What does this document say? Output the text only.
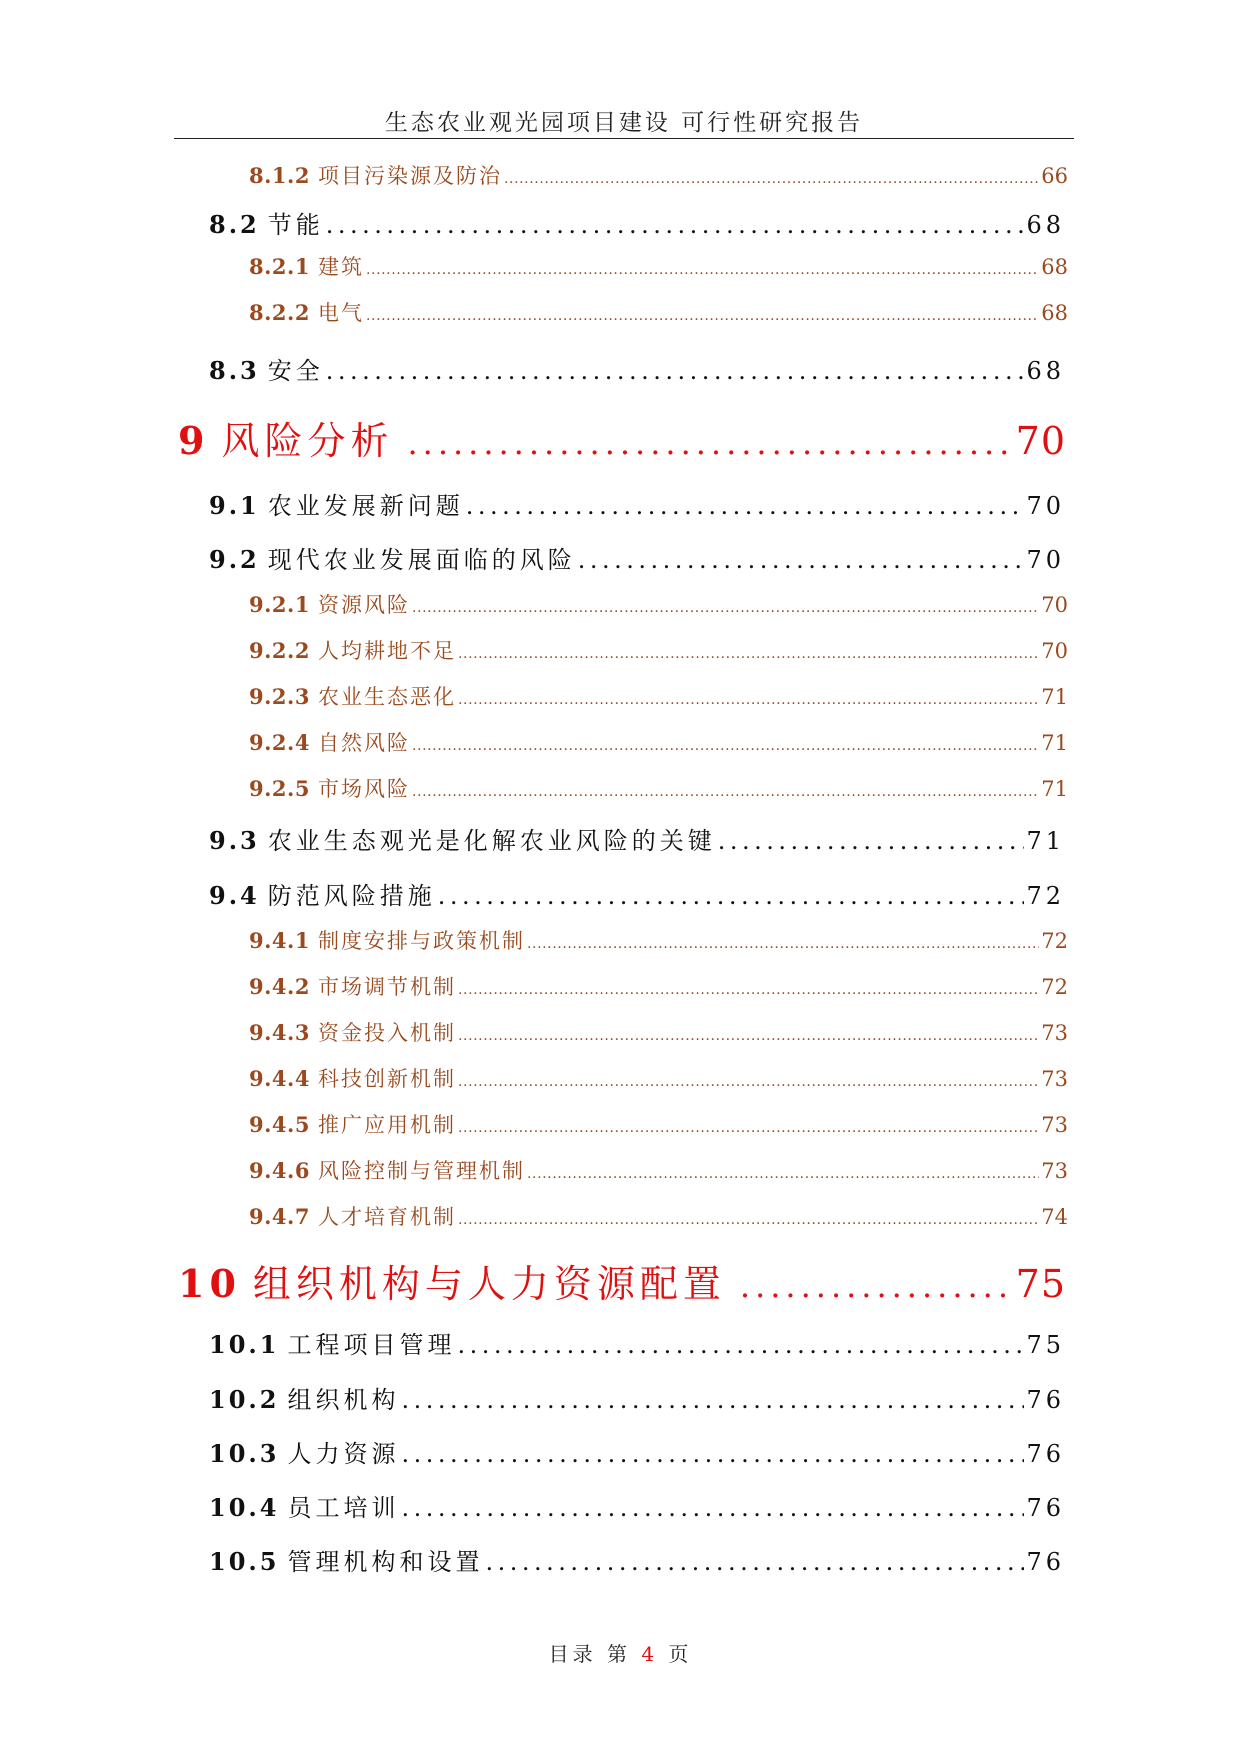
生态农业观光园项目建设 可行性研究报告
8.1.2 项目污染源及防治 .....	66
8.2 节能 .....	68
8.2.1 建筑 .....	68
8.2.2 电气 .....	68
8.3 安全 .....	68
9 风险分析 .....	70
9.1 农业发展新问题 .....	70
9.2 现代农业发展面临的风险 .....	70
9.2.1 资源风险 .....	70
9.2.2 人均耕地不足 .....	70
9.2.3 农业生态恶化 .....	71
9.2.4 自然风险 .....	71
9.2.5 市场风险 .....	71
9.3 农业生态观光是化解农业风险的关键 .....	71
9.4 防范风险措施 .....	72
9.4.1 制度安排与政策机制 .....	72
9.4.2 市场调节机制 .....	72
9.4.3 资金投入机制 .....	73
9.4.4 科技创新机制 .....	73
9.4.5 推广应用机制 .....	73
9.4.6 风险控制与管理机制 .....	73
9.4.7 人才培育机制 .....	74
10 组织机构与人力资源配置 .....	75
10.1 工程项目管理 .....	75
10.2 组织机构 .....	76
10.3 人力资源 .....	76
10.4 员工培训 .....	76
10.5 管理机构和设置 .....	76
目录 第 4 页
